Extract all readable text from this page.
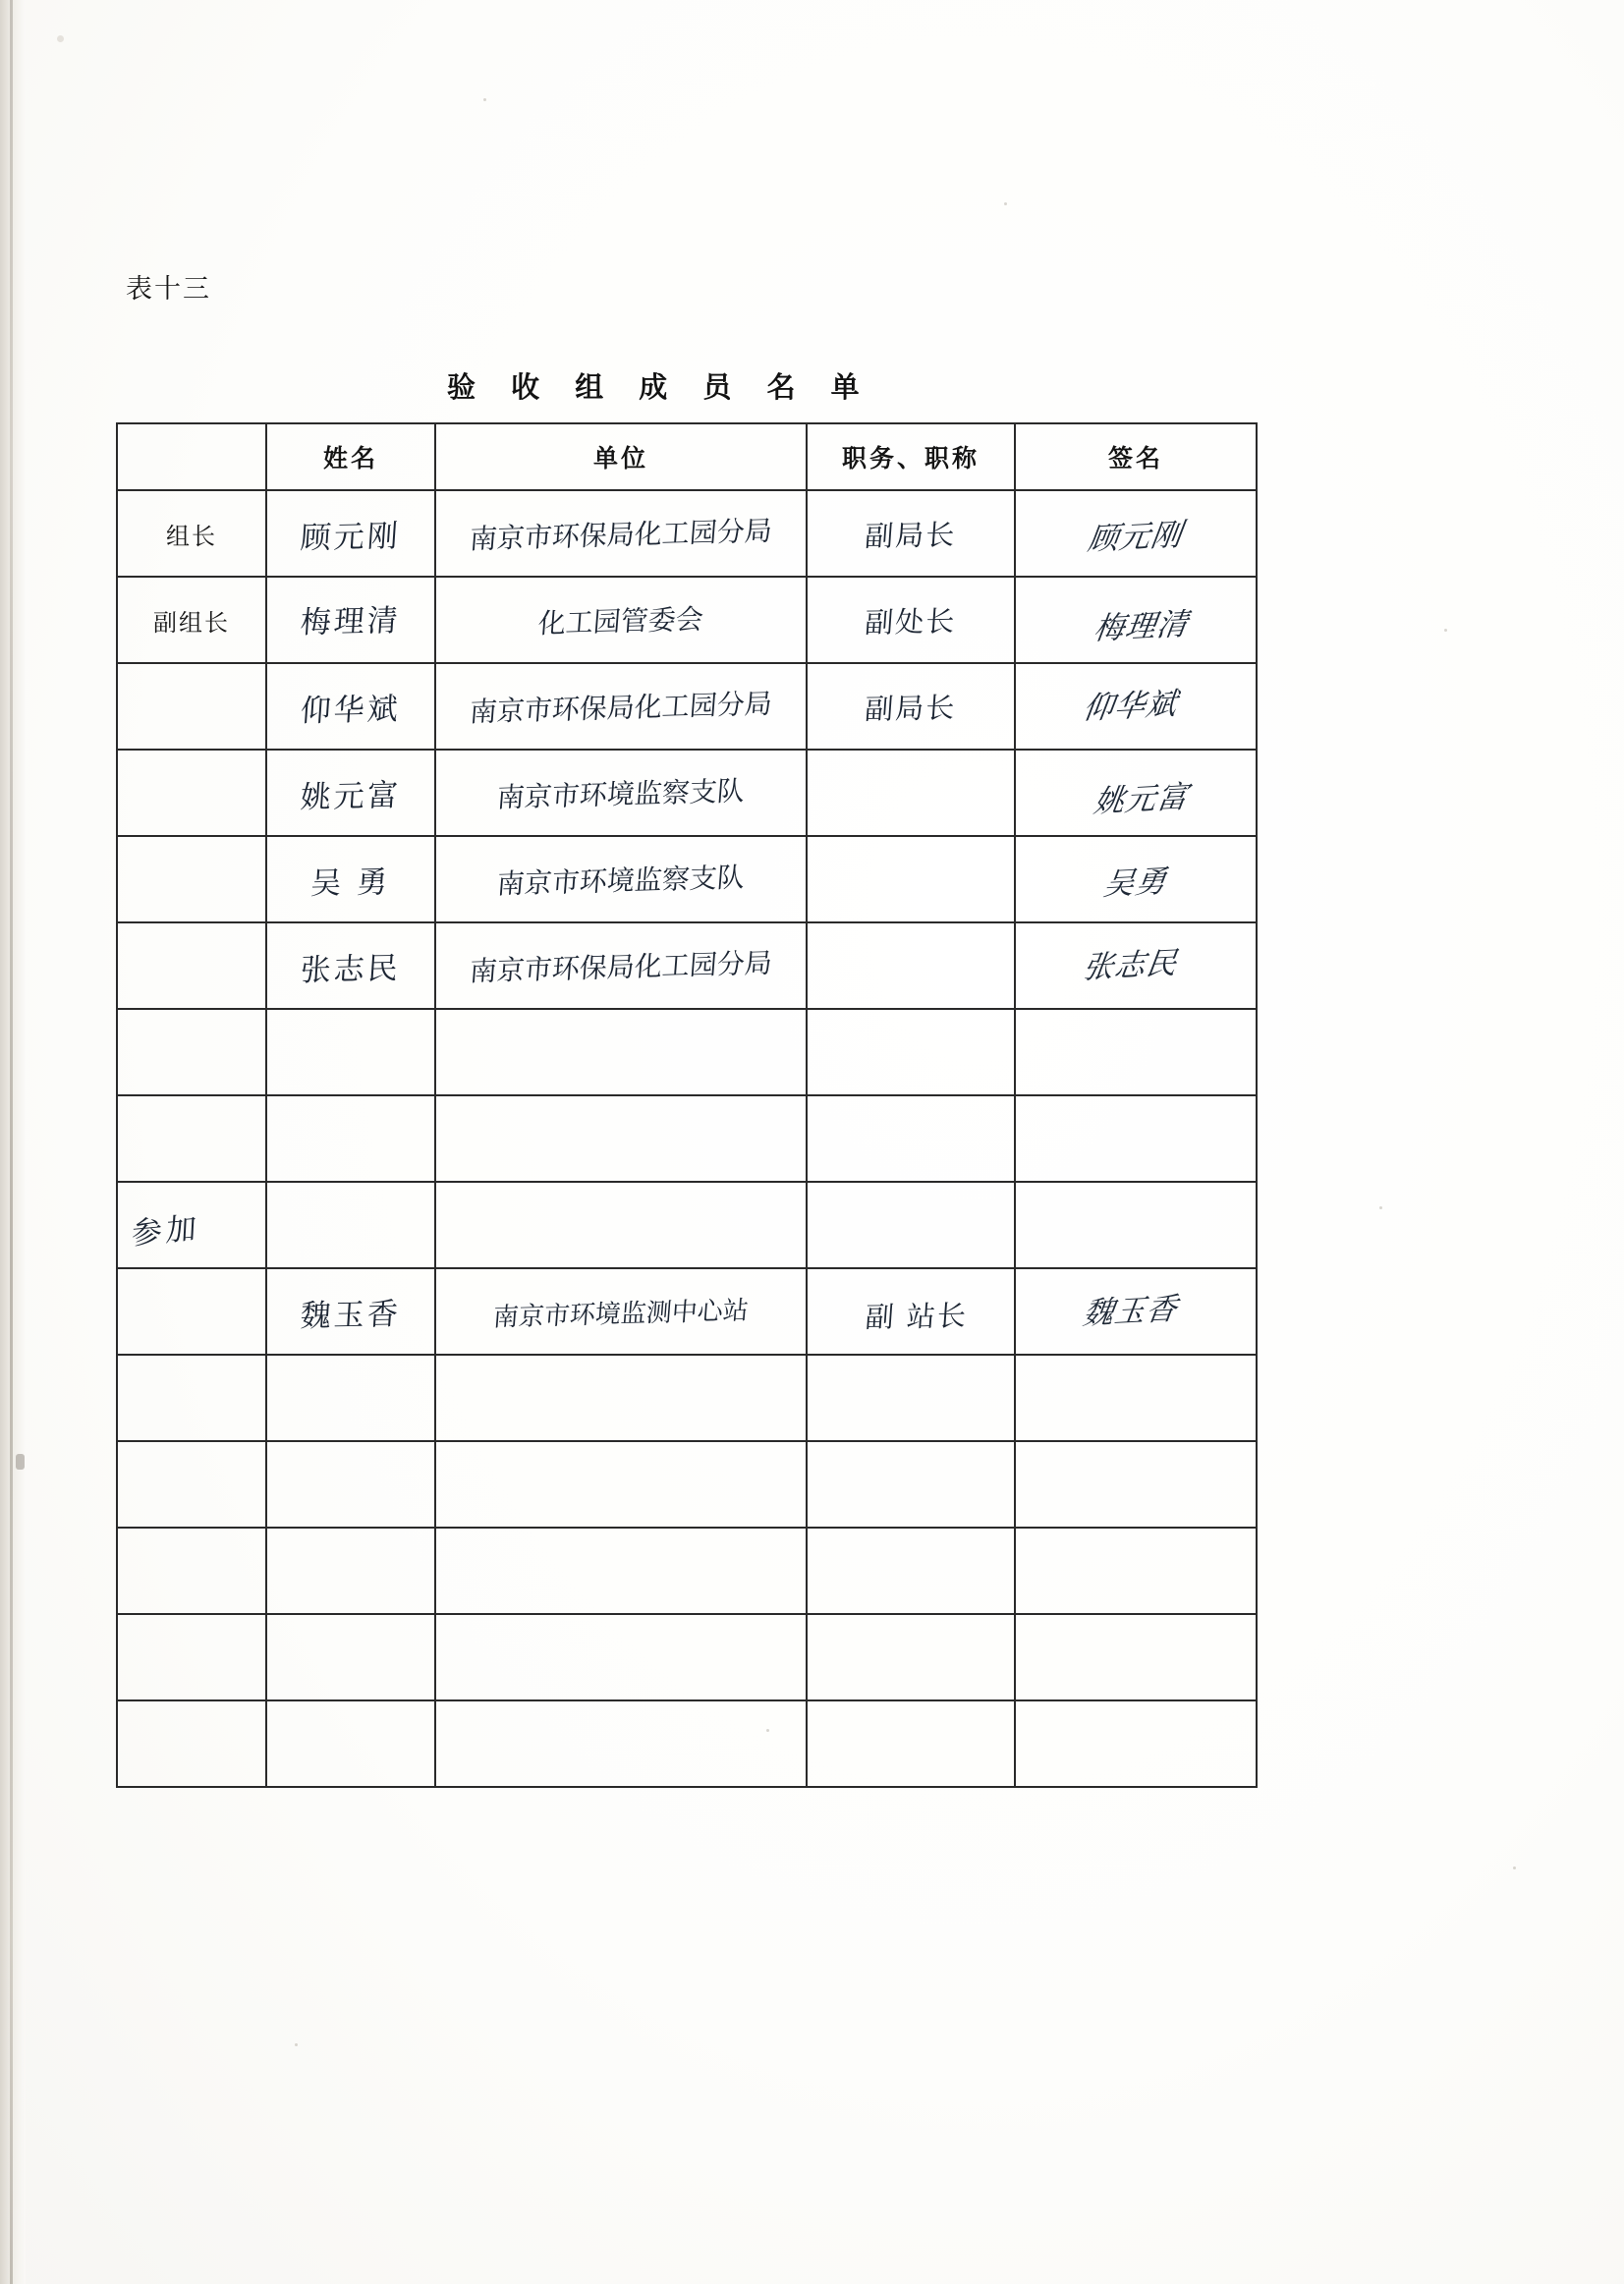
表十三
验 收 组 成 员 名 单
	姓名	单位	职务、职称	签名
组长	顾元刚	南京市环保局化工园分局	副局长	顾元刚

副组长	梅理清	化工园管委会	副处长	梅理清

	仰华斌	南京市环保局化工园分局	副局长	仰华斌

	姚元富	南京市环境监察支队		姚元富

	吴 勇	南京市环境监察支队		吴勇

	张志民	南京市环保局化工园分局		张志民

参加				

	魏玉香	南京市环境监测中心站	副 站长	魏玉香
